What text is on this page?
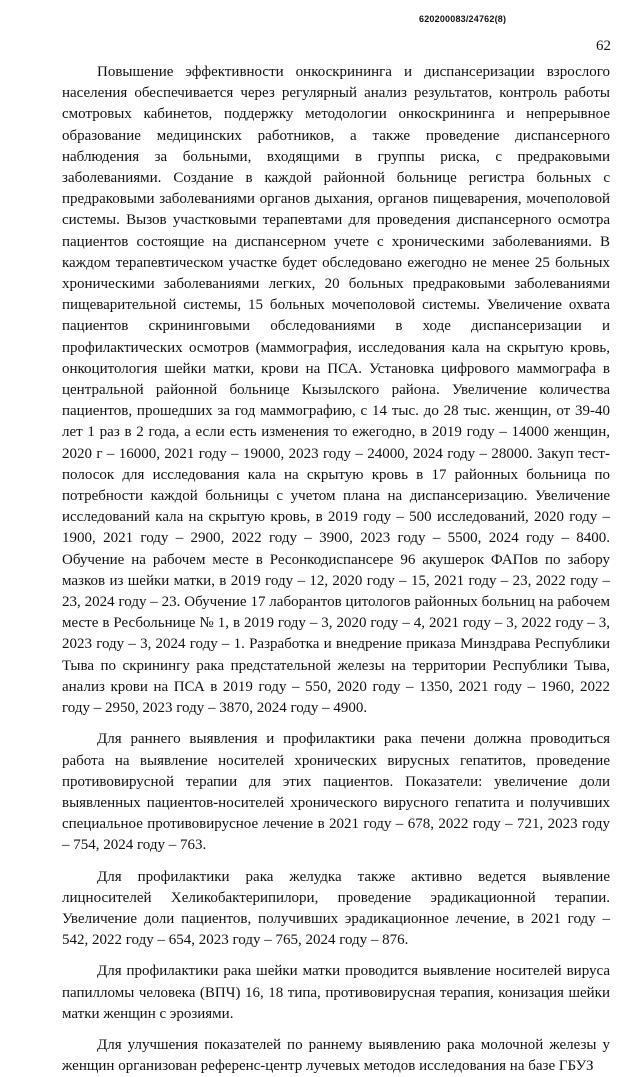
620200083/24762(8)
62

Повышение эффективности онкоскрининга и диспансеризации взрослого населения обеспечивается через регулярный анализ результатов, контроль работы смотровых кабинетов, поддержку методологии онкоскрининга и непрерывное образование медицинских работников, а также проведение диспансерного наблюдения за больными, входящими в группы риска, с предраковыми заболеваниями. Создание в каждой районной больнице регистра больных с предраковыми заболеваниями органов дыхания, органов пищеварения, мочеполовой системы. Вызов участковыми терапевтами для проведения диспансерного осмотра пациентов состоящие на диспансерном учете с хроническими заболеваниями. В каждом терапевтическом участке будет обследовано ежегодно не менее 25 больных хроническими заболеваниями легких, 20 больных предраковыми заболеваниями пищеварительной системы, 15 больных мочеполовой системы. Увеличение охвата пациентов скрининговыми обследованиями в ходе диспансеризации и профилактических осмотров (маммография, исследования кала на скрытую кровь, онкоцитология шейки матки, крови на ПСА. Установка цифрового маммографа в центральной районной больнице Кызылского района. Увеличение количества пациентов, прошедших за год маммографию, с 14 тыс. до 28 тыс. женщин, от 39-40 лет 1 раз в 2 года, а если есть изменения то ежегодно, в 2019 году – 14000 женщин, 2020 г – 16000, 2021 году – 19000, 2023 году – 24000, 2024 году – 28000. Закуп тест-полосок для исследования кала на скрытую кровь в 17 районных больница по потребности каждой больницы с учетом плана на диспансеризацию. Увеличение исследований кала на скрытую кровь, в 2019 году – 500 исследований, 2020 году – 1900, 2021 году – 2900, 2022 году – 3900, 2023 году – 5500, 2024 году – 8400. Обучение на рабочем месте в Ресонкодиспансере 96 акушерок ФАПов по забору мазков из шейки матки, в 2019 году – 12, 2020 году – 15, 2021 году – 23, 2022 году – 23, 2024 году – 23. Обучение 17 лаборантов цитологов районных больниц на рабочем месте в Ресбольнице № 1, в 2019 году – 3, 2020 году – 4, 2021 году – 3, 2022 году – 3, 2023 году – 3, 2024 году – 1. Разработка и внедрение приказа Минздрава Республики Тыва по скринингу рака предстательной железы на территории Республики Тыва, анализ крови на ПСА в 2019 году – 550, 2020 году – 1350, 2021 году – 1960, 2022 году – 2950, 2023 году – 3870, 2024 году – 4900.

Для раннего выявления и профилактики рака печени должна проводиться работа на выявление носителей хронических вирусных гепатитов, проведение противовирусной терапии для этих пациентов. Показатели: увеличение доли выявленных пациентов-носителей хронического вирусного гепатита и получивших специальное противовирусное лечение в 2021 году – 678, 2022 году – 721, 2023 году – 754, 2024 году – 763.

Для профилактики рака желудка также активно ведется выявление лицносителей Хеликобактерипилори, проведение эрадикационной терапии. Увеличение доли пациентов, получивших эрадикационное лечение, в 2021 году – 542, 2022 году – 654, 2023 году – 765, 2024 году – 876.

Для профилактики рака шейки матки проводится выявление носителей вируса папилломы человека (ВПЧ) 16, 18 типа, противовирусная терапия, конизация шейки матки женщин с эрозиями.

Для улучшения показателей по раннему выявлению рака молочной железы у женщин организован референс-центр лучевых методов исследования на базе ГБУЗ
